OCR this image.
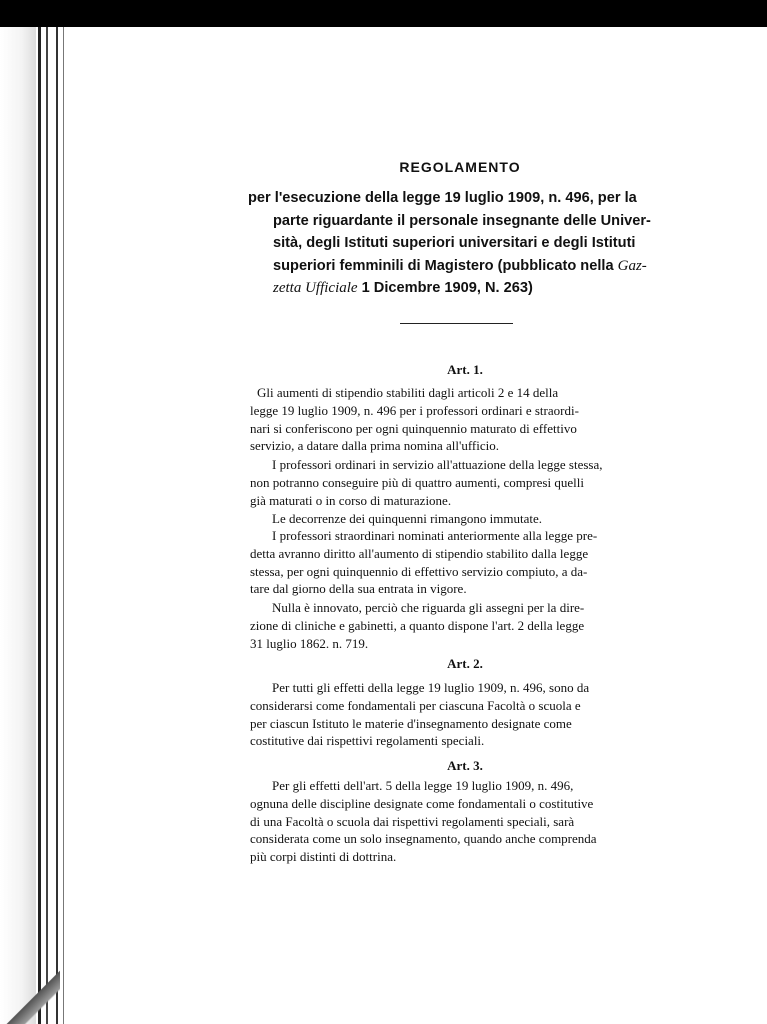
REGOLAMENTO

per l'esecuzione della legge 19 luglio 1909, n. 496, per la
parte riguardante il personale insegnante delle Univer-
sità, degli Istituti superiori universitari e degli Istituti
superiori femminili di Magistero (pubblicato nella Gaz-
zetta Ufficiale 1 Dicembre 1909, N. 263)

Art. 1.

Gli aumenti di stipendio stabiliti dagli articoli 2 e 14 della
legge 19 luglio 1909, n. 496 per i professori ordinari e straordi-
nari si conferiscono per ogni quinquennio maturato di effettivo
servizio, a datare dalla prima nomina all'ufficio.

I professori ordinari in servizio all'attuazione della legge stessa,
non potranno conseguire più di quattro aumenti, compresi quelli
già maturati o in corso di maturazione.

Le decorrenze dei quinquenni rimangono immutate.

I professori straordinari nominati anteriormente alla legge pre-
detta avranno diritto all'aumento di stipendio stabilito dalla legge
stessa, per ogni quinquennio di effettivo servizio compiuto, a da-
tare dal giorno della sua entrata in vigore.

Nulla è innovato, perciò che riguarda gli assegni per la dire-
zione di cliniche e gabinetti, a quanto dispone l'art. 2 della legge
31 luglio 1862. n. 719.

Art. 2.

Per tutti gli effetti della legge 19 luglio 1909, n. 496, sono da
considerarsi come fondamentali per ciascuna Facoltà o scuola e
per ciascun Istituto le materie d'insegnamento designate come
costitutive dai rispettivi regolamenti speciali.

Art. 3.

Per gli effetti dell'art. 5 della legge 19 luglio 1909, n. 496,
ognuna delle discipline designate come fondamentali o costitutive
di una Facoltà o scuola dai rispettivi regolamenti speciali, sarà
considerata come un solo insegnamento, quando anche comprenda
più corpi distinti di dottrina.
